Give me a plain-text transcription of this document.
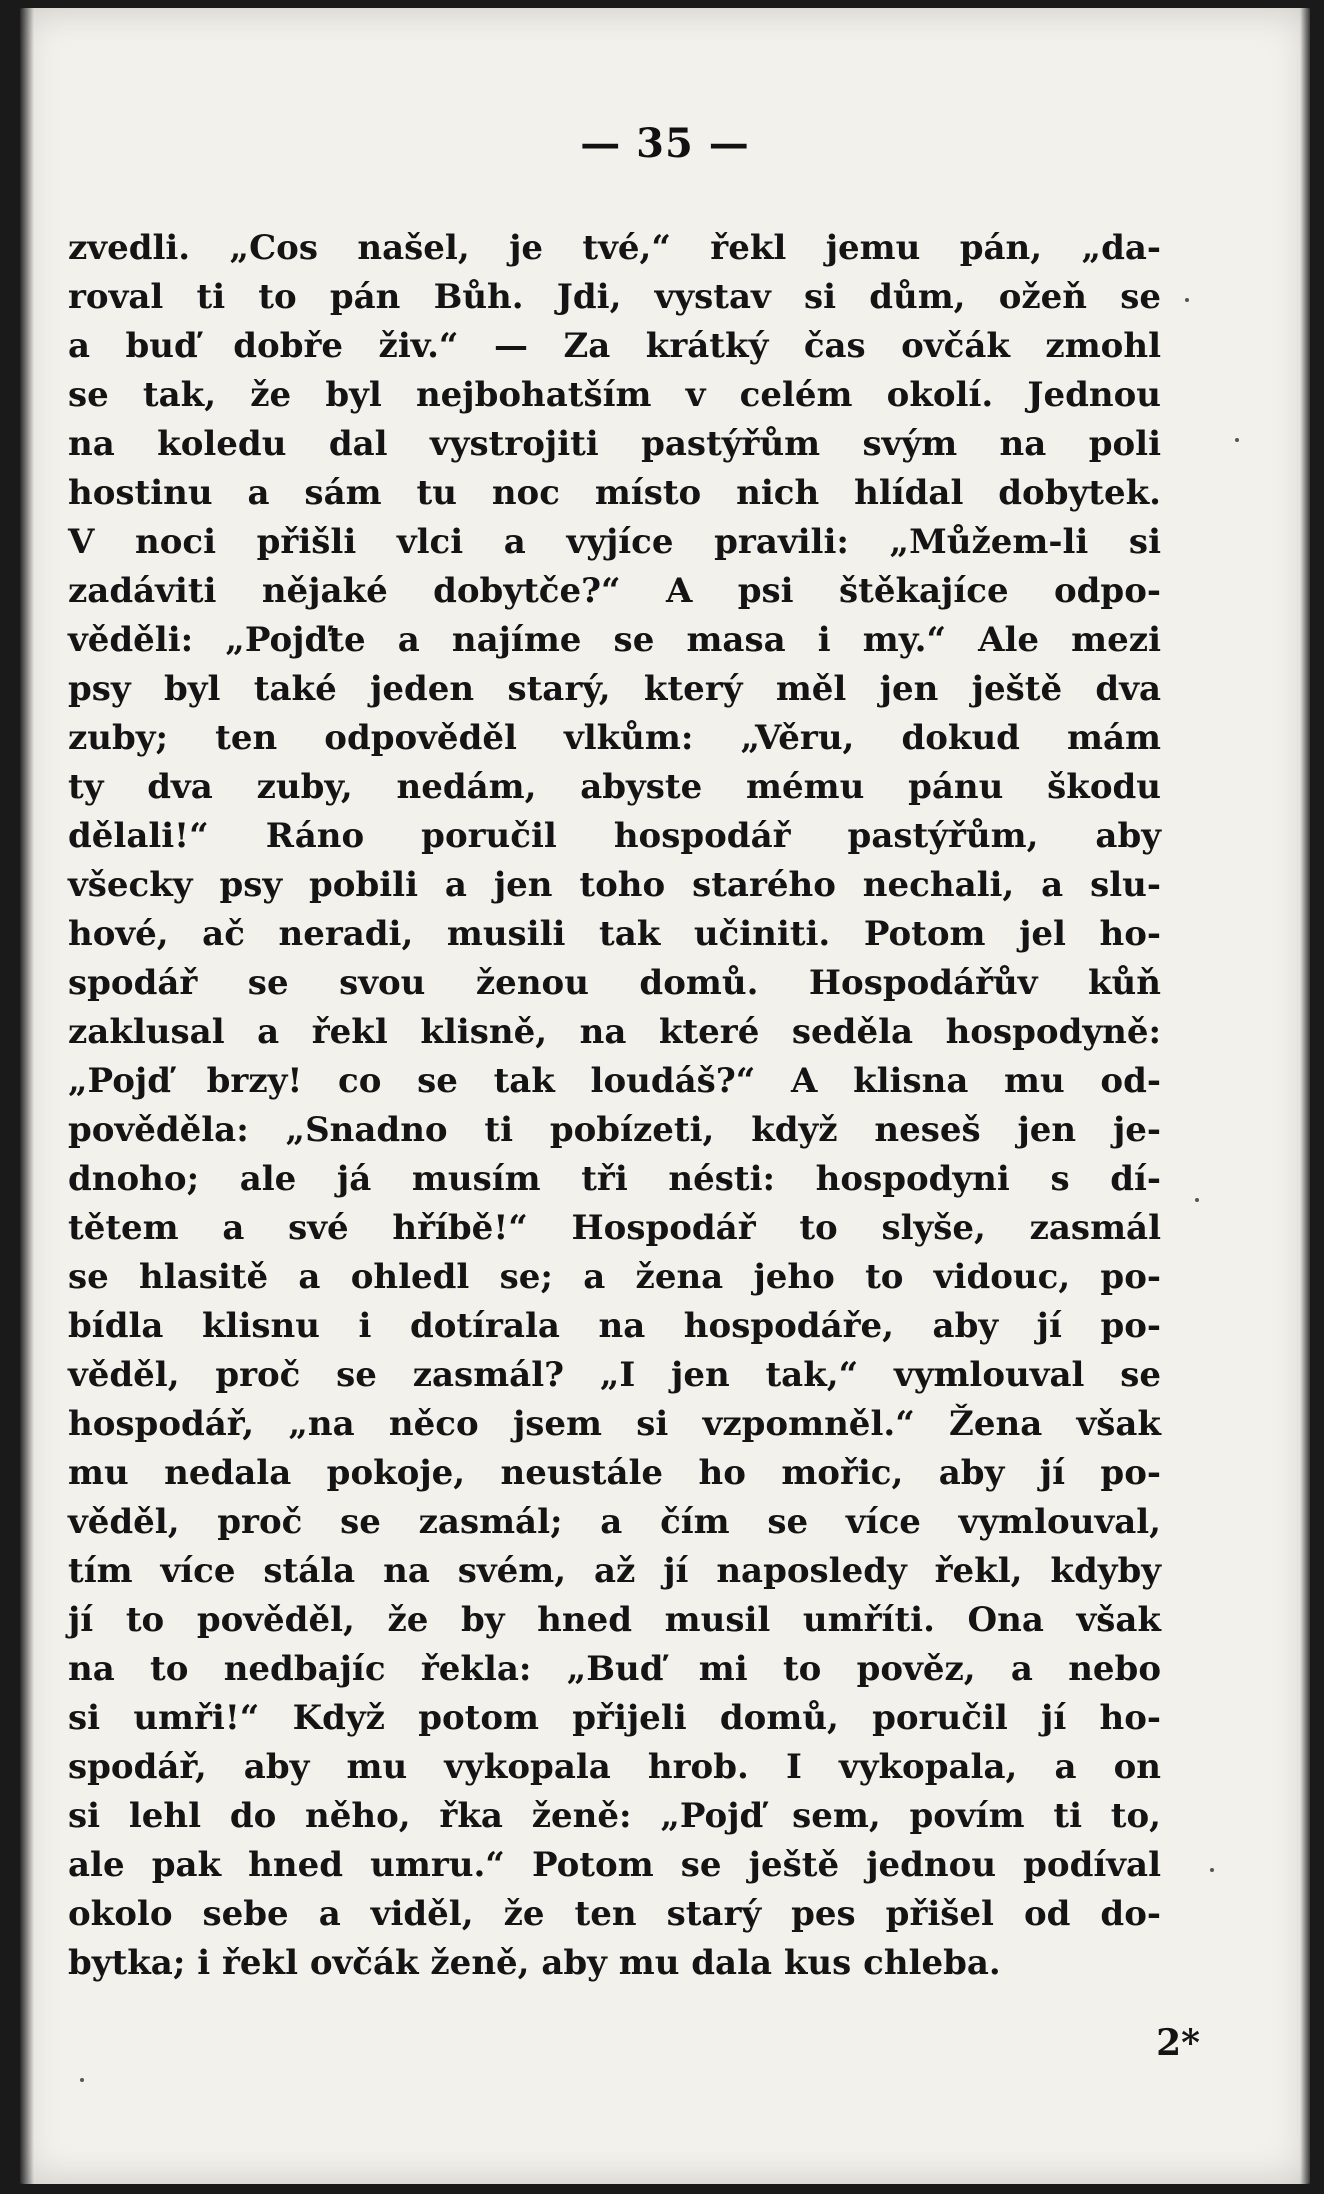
— 35 —
zvedli. „Cos našel, je tvé,“ řekl jemu pán, „da-
roval ti to pán Bůh. Jdi, vystav si dům, ožeň se
a buď dobře živ.“ — Za krátký čas ovčák zmohl
se tak, že byl nejbohatším v celém okolí. Jednou
na koledu dal vystrojiti pastýřům svým na poli
hostinu a sám tu noc místo nich hlídal dobytek.
V noci přišli vlci a vyjíce pravili: „Můžem-li si
zadáviti nějaké dobytče?“ A psi štěkajíce odpo-
věděli: „Pojďte a najíme se masa i my.“ Ale mezi
psy byl také jeden starý, který měl jen ještě dva
zuby; ten odpověděl vlkům: „Věru, dokud mám
ty dva zuby, nedám, abyste mému pánu škodu
dělali!“ Ráno poručil hospodář pastýřům, aby
všecky psy pobili a jen toho starého nechali, a slu-
hové, ač neradi, musili tak učiniti. Potom jel ho-
spodář se svou ženou domů. Hospodářův kůň
zaklusal a řekl klisně, na které seděla hospodyně:
„Pojď brzy! co se tak loudáš?“ A klisna mu od-
pověděla: „Snadno ti pobízeti, když neseš jen je-
dnoho; ale já musím tři nésti: hospodyni s dí-
tětem a své hříbě!“ Hospodář to slyše, zasmál
se hlasitě a ohledl se; a žena jeho to vidouc, po-
bídla klisnu i dotírala na hospodáře, aby jí po-
věděl, proč se zasmál? „I jen tak,“ vymlouval se
hospodář, „na něco jsem si vzpomněl.“ Žena však
mu nedala pokoje, neustále ho mořic, aby jí po-
věděl, proč se zasmál; a čím se více vymlouval,
tím více stála na svém, až jí naposledy řekl, kdyby
jí to pověděl, že by hned musil umříti. Ona však
na to nedbajíc řekla: „Buď mi to pověz, a nebo
si umři!“ Když potom přijeli domů, poručil jí ho-
spodář, aby mu vykopala hrob. I vykopala, a on
si lehl do něho, řka ženě: „Pojď sem, povím ti to,
ale pak hned umru.“ Potom se ještě jednou podíval
okolo sebe a viděl, že ten starý pes přišel od do-
bytka; i řekl ovčák ženě, aby mu dala kus chleba.
2*
